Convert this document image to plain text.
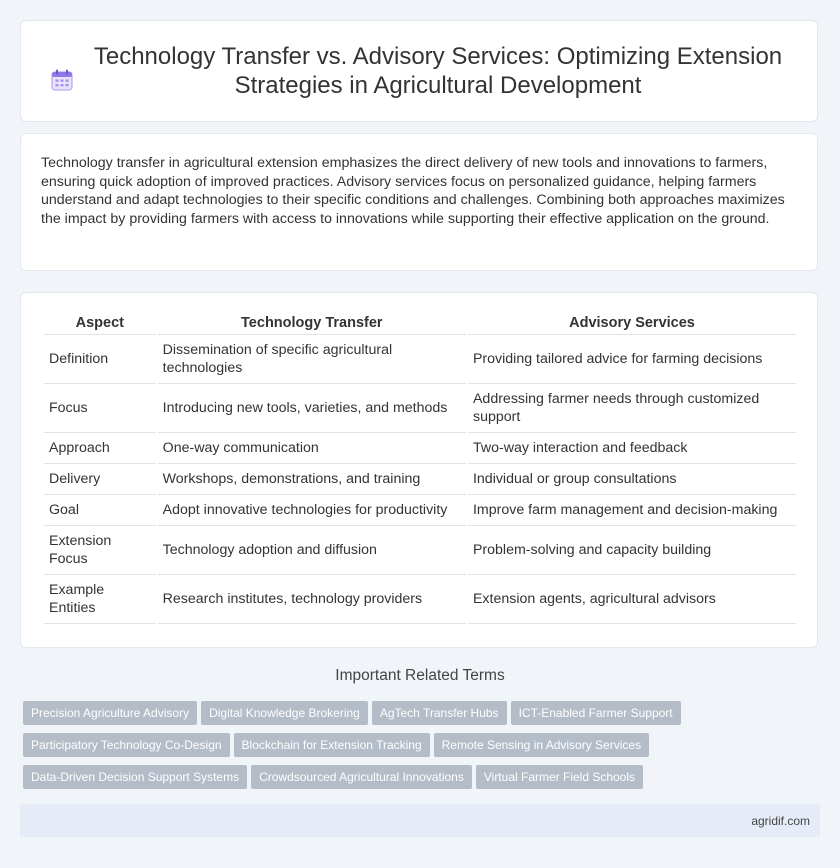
Technology Transfer vs. Advisory Services: Optimizing Extension Strategies in Agricultural Development

Technology transfer in agricultural extension emphasizes the direct delivery of new tools and innovations to farmers, ensuring quick adoption of improved practices. Advisory services focus on personalized guidance, helping farmers understand and adapt technologies to their specific conditions and challenges. Combining both approaches maximizes the impact by providing farmers with access to innovations while supporting their effective application on the ground.

Aspect	Technology Transfer	Advisory Services
Definition	Dissemination of specific agricultural technologies	Providing tailored advice for farming decisions
Focus	Introducing new tools, varieties, and methods	Addressing farmer needs through customized support
Approach	One-way communication	Two-way interaction and feedback
Delivery	Workshops, demonstrations, and training	Individual or group consultations
Goal	Adopt innovative technologies for productivity	Improve farm management and decision-making
Extension Focus	Technology adoption and diffusion	Problem-solving and capacity building
Example Entities	Research institutes, technology providers	Extension agents, agricultural advisors
Important Related Terms
Precision Agriculture Advisory Digital Knowledge Brokering AgTech Transfer Hubs ICT-Enabled Farmer Support
Participatory Technology Co-Design Blockchain for Extension Tracking Remote Sensing in Advisory Services
Data-Driven Decision Support Systems Crowdsourced Agricultural Innovations Virtual Farmer Field Schools
agridif.com
